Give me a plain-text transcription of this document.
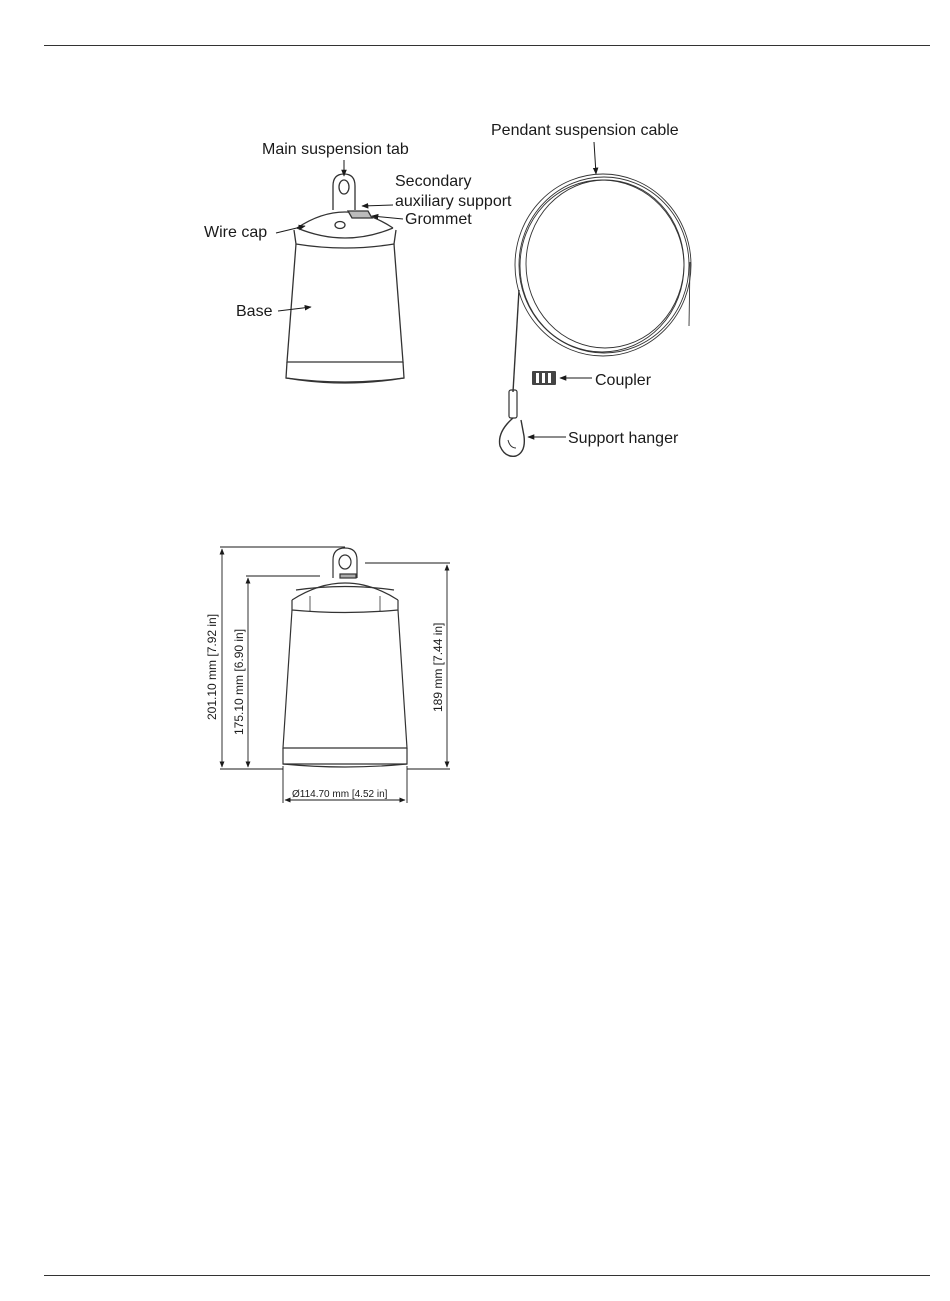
Main suspension tab
Secondary
auxiliary support
Grommet
Wire cap
Base
Pendant suspension cable
Coupler
Support hanger
201.10 mm [7.92 in] 175.10 mm [6.90 in]	189 mm [7.44 in]
Ø114.70 mm [4.52 in]
